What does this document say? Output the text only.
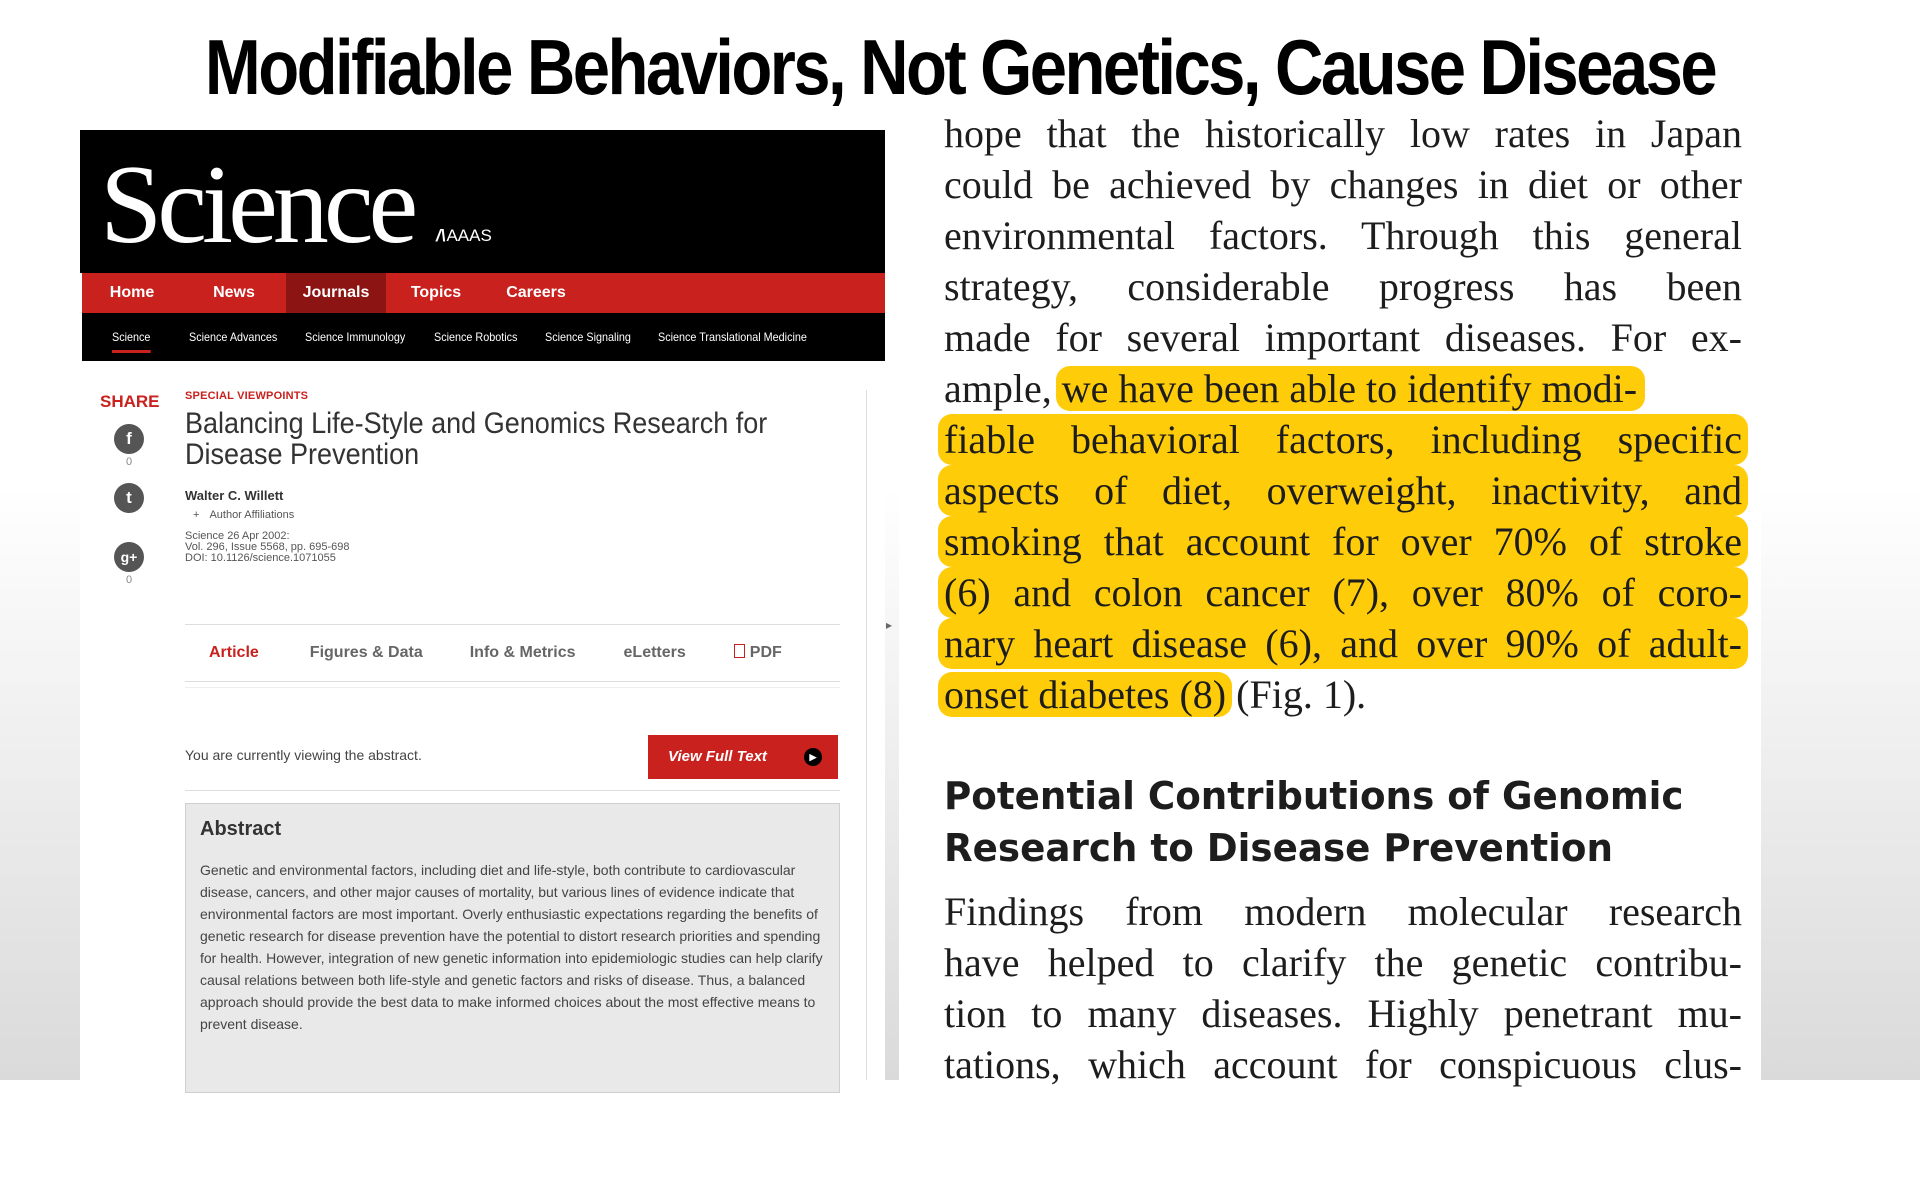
Modifiable Behaviors, Not Genetics, Cause Disease
Science /\AAAS
Home	News	Journals	Topics	Careers
Science	Science Advances Science Immunology Science Robotics Science Signaling Science Translational Medicine
SHARE
f
0
t
g+
0
SPECIAL VIEWPOINTS
Balancing Life-Style and Genomics Research for Disease Prevention
Walter C. Willett
+ Author Affiliations
Science 26 Apr 2002:
Vol. 296, Issue 5568, pp. 695-698
DOI: 10.1126/science.1071055
Article	Figures & Data	Info & Metrics	eLetters	PDF
You are currently viewing the abstract.	View Full Text	▶
Abstract
Genetic and environmental factors, including diet and life-style, both contribute to cardiovascular disease, cancers, and other major causes of mortality, but various lines of evidence indicate that environmental factors are most important. Overly enthusiastic expectations regarding the benefits of genetic research for disease prevention have the potential to distort research priorities and spending for health. However, integration of new genetic information into epidemiologic studies can help clarify causal relations between both life-style and genetic factors and risks of disease. Thus, a balanced approach should provide the best data to make informed choices about the most effective means to prevent disease.
▸
hope that the historically low rates in Japan
could be achieved by changes in diet or other
environmental factors. Through this general
strategy, considerable progress has been
made for several important diseases. For ex-
ample, we have been able to identify modi-
fiable behavioral factors, including specific
aspects of diet, overweight, inactivity, and
smoking that account for over 70% of stroke
(6) and colon cancer (7), over 80% of coro-
nary heart disease (6), and over 90% of adult-
onset diabetes (8) (Fig. 1).
Potential Contributions of Genomic Research to Disease Prevention
Findings from modern molecular research
have helped to clarify the genetic contribu-
tion to many diseases. Highly penetrant mu-
tations, which account for conspicuous clus-
